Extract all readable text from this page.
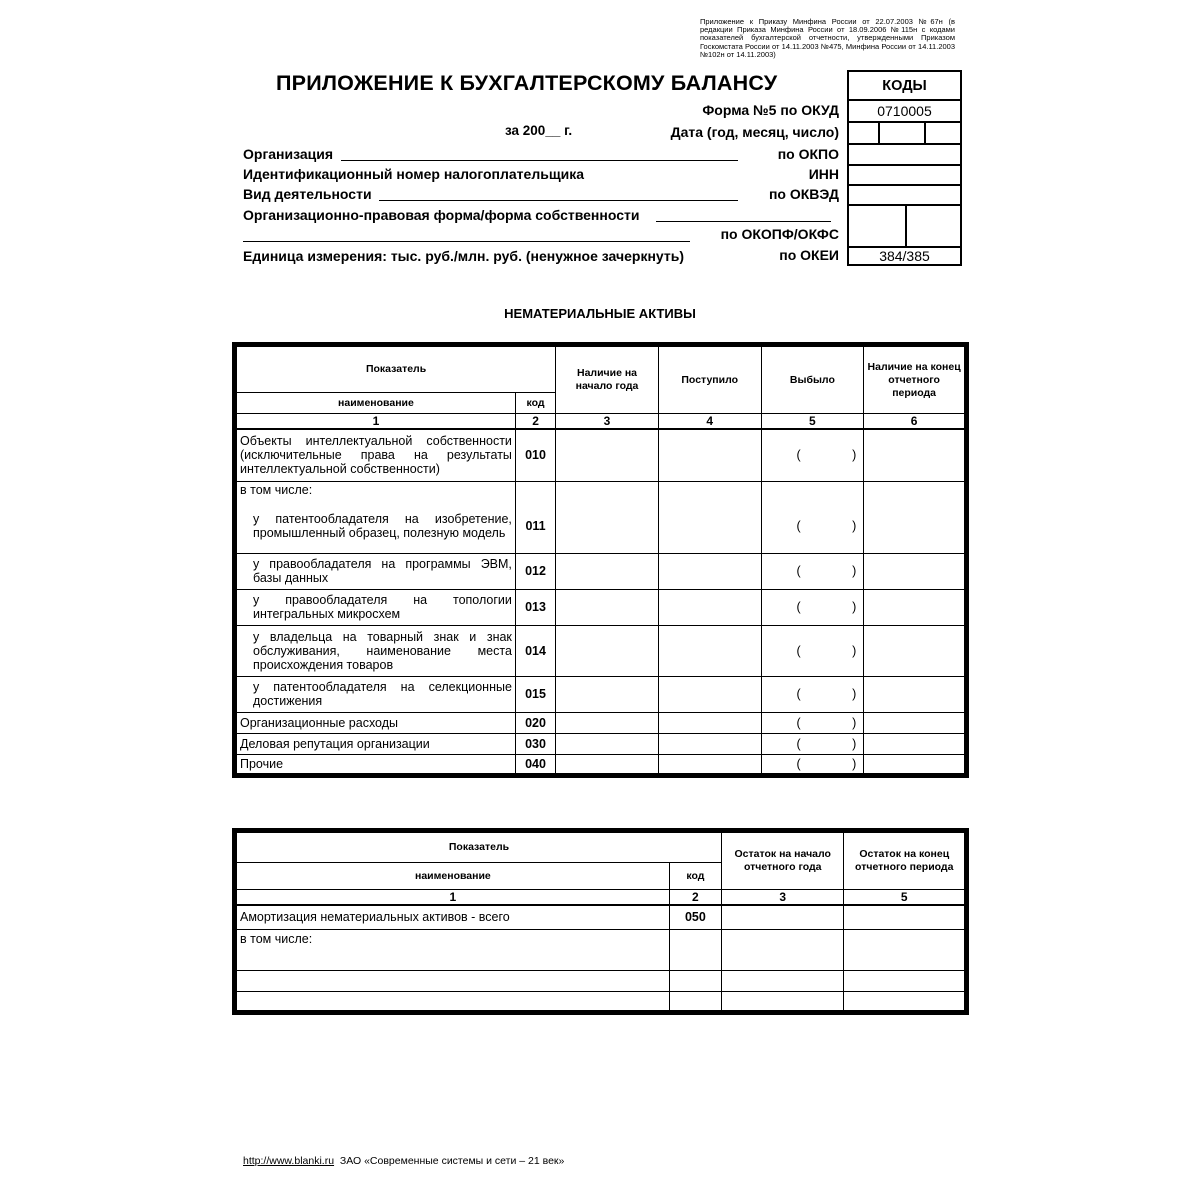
Приложение к Приказу Минфина России от 22.07.2003 №67н (в редакции Приказа Минфина России от 18.09.2006 №115н с кодами показателей бухгалтерской отчетности, утвержденными Приказом Госкомстата России от 14.11.2003 №475, Минфина России от 14.11.2003 №102н от 14.11.2003)
ПРИЛОЖЕНИЕ К БУХГАЛТЕРСКОМУ БАЛАНСУ
Форма №5 по ОКУД
за 200__ г.	Дата (год, месяц, число)
Организация	по ОКПО
Идентификационный номер налогоплательщика	ИНН
Вид деятельности	по ОКВЭД
Организационно-правовая форма/форма собственности
по ОКОПФ/ОКФС
Единица измерения: тыс. руб./млн. руб. (ненужное зачеркнуть)	по ОКЕИ
КОДЫ
0710005
384/385
НЕМАТЕРИАЛЬНЫЕ АКТИВЫ
Показатель		Наличие на начало года	Поступило	Выбыло	Наличие на конец отчетного периода
наименование	код				
1	2	3	4	5	6
Объекты интеллектуальной собственности (исключительные права на результаты интеллектуальной собственности)	010			( )	

в том числе:					
у патентообладателя на изобретение, промышленный образец, полезную модель	011			( )	

у правообладателя на программы ЭВМ, базы данных	012			( )	

у правообладателя на топологии интегральных микросхем	013			( )	

у владельца на товарный знак и знак обслуживания, наименование места происхождения товаров	014			( )	

у патентообладателя на селекционные достижения	015			( )	

Организационные расходы	020			( )	

Деловая репутация организации	030			( )	

Прочие	040			( )	

Показатель		Остаток на начало отчетного года	Остаток на конец отчетного периода
наименование	код		
1	2	3	5
Амортизация нематериальных активов - всего	050		
в том числе:			

http://www.blanki.ru ЗАО «Современные системы и сети – 21 век»
